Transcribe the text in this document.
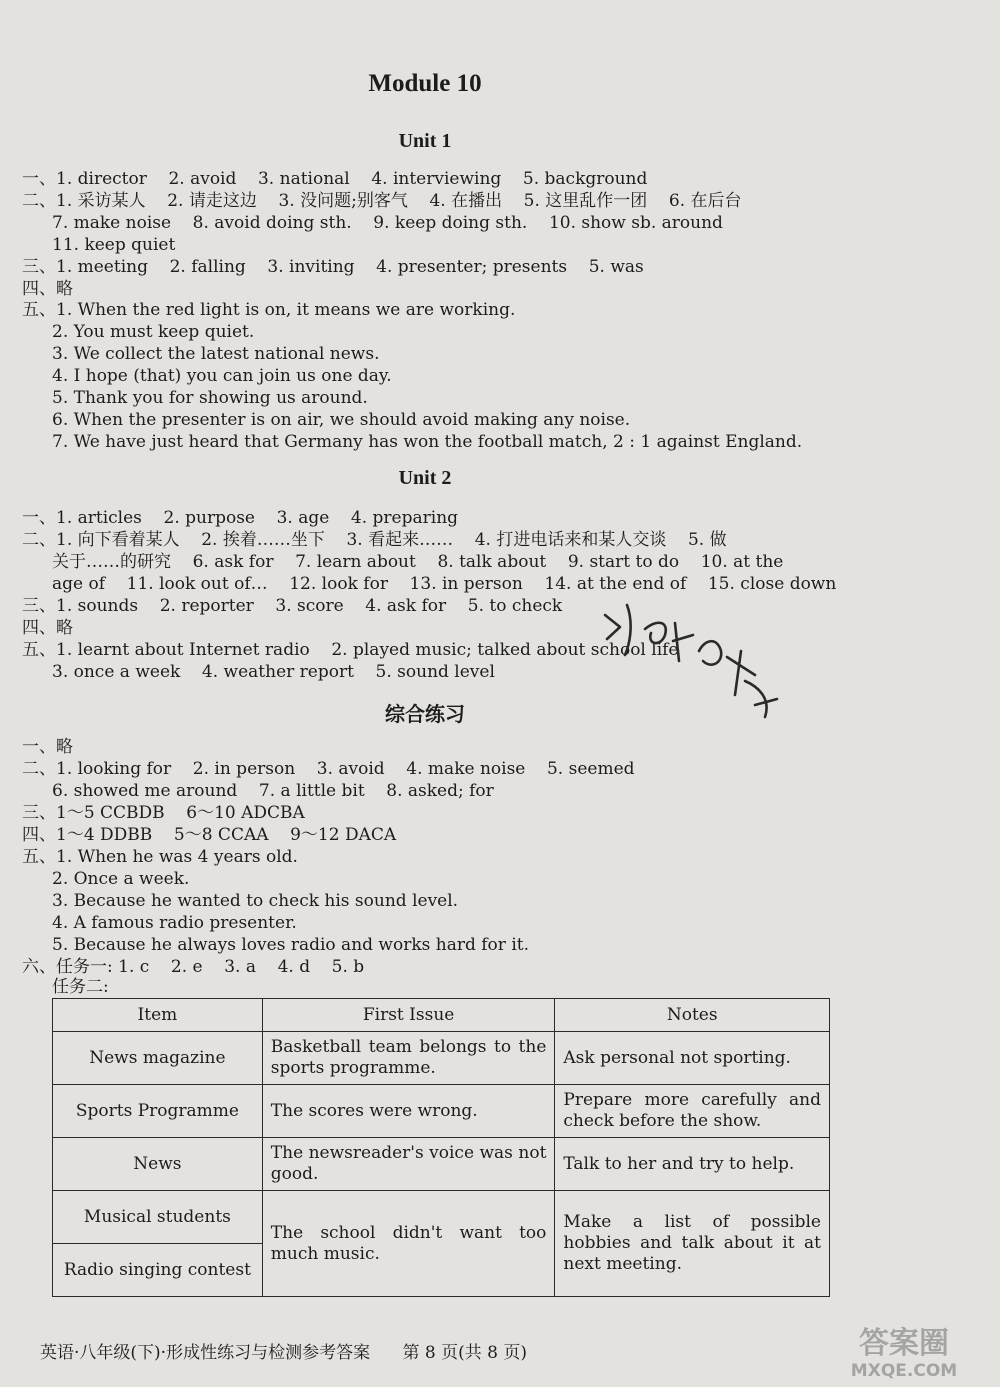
Module 10
Unit 1
一、1. director    2. avoid    3. national    4. interviewing    5. background
二、1. 采访某人    2. 请走这边    3. 没问题;别客气    4. 在播出    5. 这里乱作一团    6. 在后台
7. make noise    8. avoid doing sth.    9. keep doing sth.    10. show sb. around
11. keep quiet
三、1. meeting    2. falling    3. inviting    4. presenter; presents    5. was
四、略
五、1. When the red light is on, it means we are working.
2. You must keep quiet.
3. We collect the latest national news.
4. I hope (that) you can join us one day.
5. Thank you for showing us around.
6. When the presenter is on air, we should avoid making any noise.
7. We have just heard that Germany has won the football match, 2 : 1 against England.
Unit 2
一、1. articles    2. purpose    3. age    4. preparing
二、1. 向下看着某人    2. 挨着……坐下    3. 看起来……    4. 打进电话来和某人交谈    5. 做
关于……的研究    6. ask for    7. learn about    8. talk about    9. start to do    10. at the
age of    11. look out of…    12. look for    13. in person    14. at the end of    15. close down
三、1. sounds    2. reporter    3. score    4. ask for    5. to check
四、略
五、1. learnt about Internet radio    2. played music; talked about school life
3. once a week    4. weather report    5. sound level
综合练习
一、略
二、1. looking for    2. in person    3. avoid    4. make noise    5. seemed
6. showed me around    7. a little bit    8. asked; for
三、1～5 CCBDB    6～10 ADCBA
四、1～4 DDBB    5～8 CCAA    9～12 DACA
五、1. When he was 4 years old.
2. Once a week.
3. Because he wanted to check his sound level.
4. A famous radio presenter.
5. Because he always loves radio and works hard for it.
六、任务一: 1. c    2. e    3. a    4. d    5. b
任务二:
Item	First Issue	Notes
News magazine	Basketball team belongs to the sports programme.	Ask personal not sporting.
Sports Programme	The scores were wrong.	Prepare more carefully and check before the show.
News	The newsreader's voice was not good.	Talk to her and try to help.
Musical students	The school didn't want too much music.	Make a list of possible hobbies and talk about it at next meeting.
Radio singing contest		
英语·八年级(下)·形成性练习与检测参考答案 第 8 页(共 8 页)	答案圈
MXQE.COM
